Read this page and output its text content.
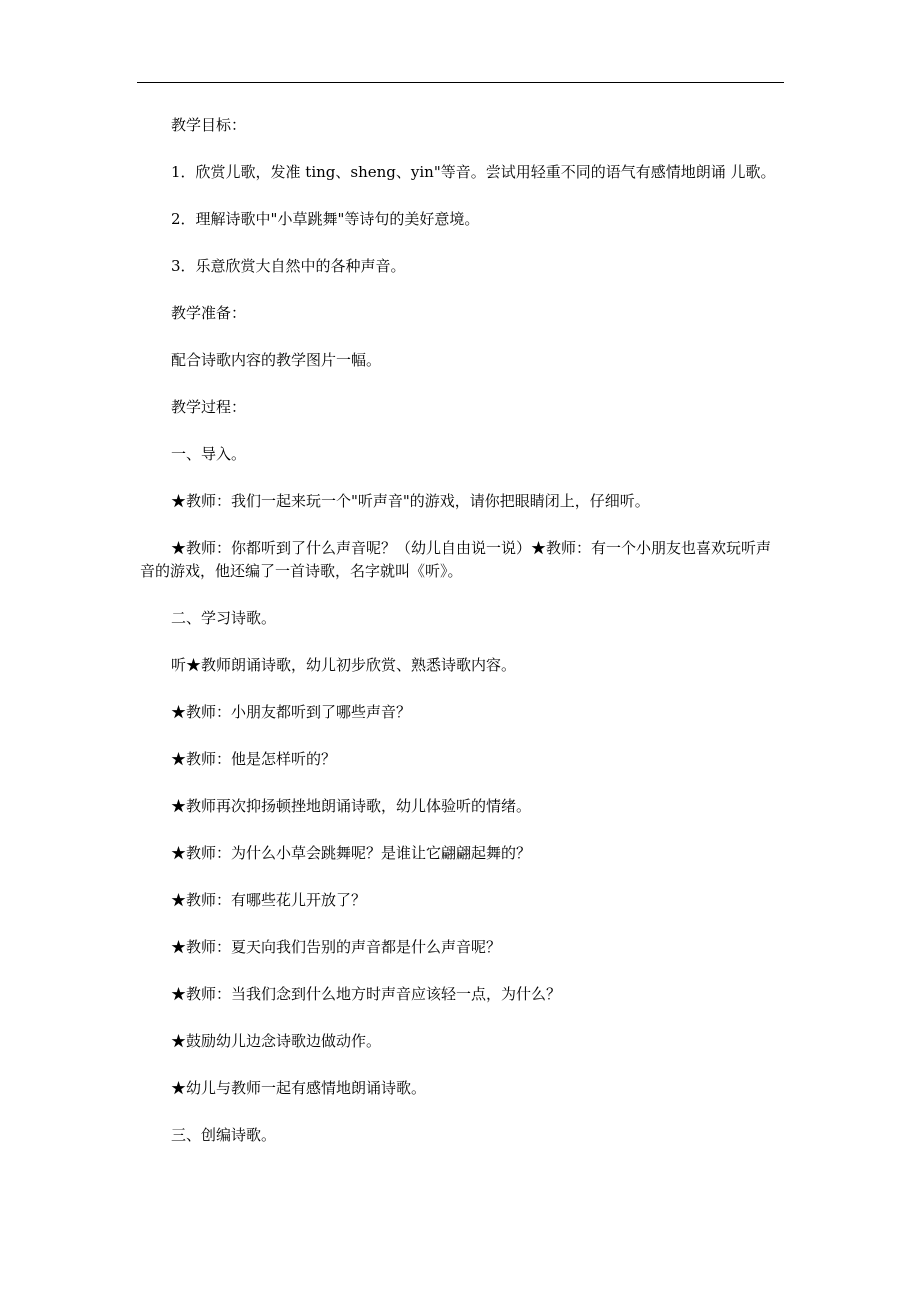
教学目标：

1．欣赏儿歌，发准 ting、sheng、yin"等音。尝试用轻重不同的语气有感情地朗诵 儿歌。

2．理解诗歌中"小草跳舞"等诗句的美好意境。

3．乐意欣赏大自然中的各种声音。

教学准备：

配合诗歌内容的教学图片一幅。

教学过程：

一、导入。

★教师：我们一起来玩一个"听声音"的游戏，请你把眼睛闭上，仔细听。

★教师：你都听到了什么声音呢？（幼儿自由说一说）★教师：有一个小朋友也喜欢玩听声音的游戏，他还编了一首诗歌，名字就叫《听》。

二、学习诗歌。

听★教师朗诵诗歌，幼儿初步欣赏、熟悉诗歌内容。

★教师：小朋友都听到了哪些声音？

★教师：他是怎样听的？

★教师再次抑扬顿挫地朗诵诗歌，幼儿体验听的情绪。

★教师：为什么小草会跳舞呢？是谁让它翩翩起舞的？

★教师：有哪些花儿开放了？

★教师：夏天向我们告别的声音都是什么声音呢？

★教师：当我们念到什么地方时声音应该轻一点，为什么？

★鼓励幼儿边念诗歌边做动作。

★幼儿与教师一起有感情地朗诵诗歌。

三、创编诗歌。
